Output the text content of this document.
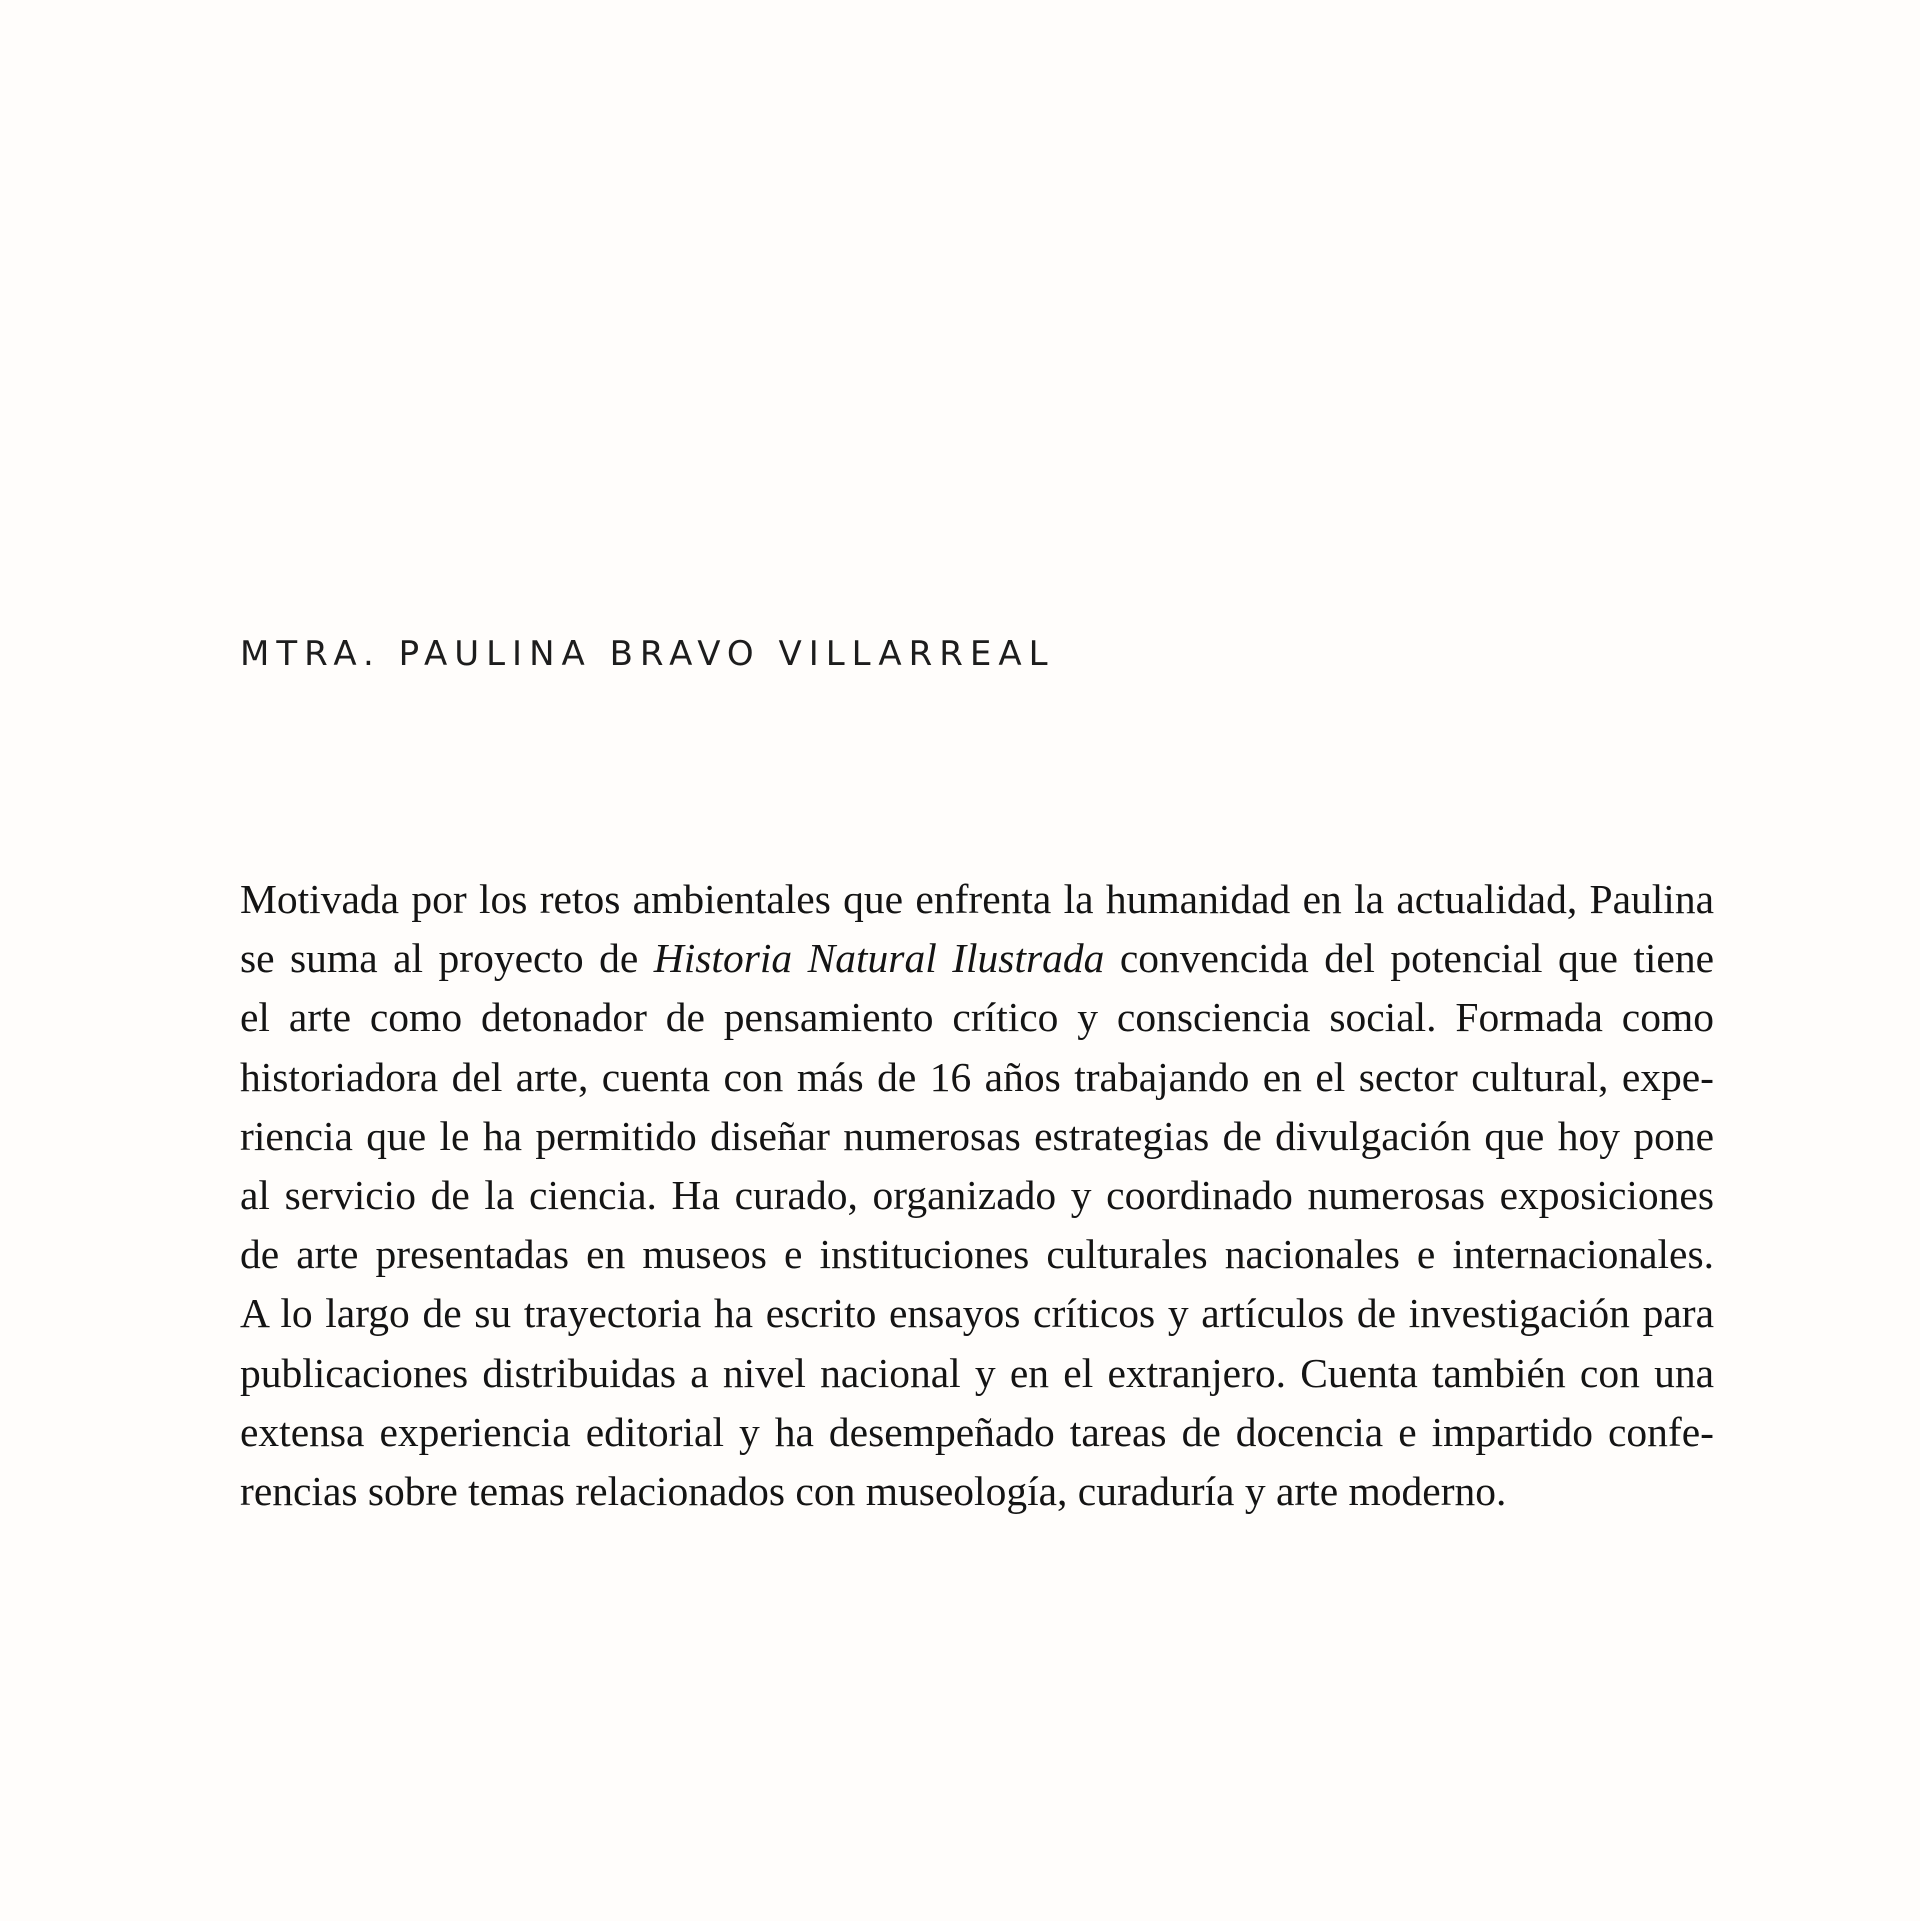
MTRA. PAULINA BRAVO VILLARREAL
Motivada por los retos ambientales que enfrenta la humanidad en la actualidad, Paulina
se suma al proyecto de Historia Natural Ilustrada convencida del potencial que tiene
el arte como detonador de pensamiento crítico y consciencia social. Formada como
historiadora del arte, cuenta con más de 16 años trabajando en el sector cultural, expe-
riencia que le ha permitido diseñar numerosas estrategias de divulgación que hoy pone
al servicio de la ciencia. Ha curado, organizado y coordinado numerosas exposiciones
de arte presentadas en museos e instituciones culturales nacionales e internacionales.
A lo largo de su trayectoria ha escrito ensayos críticos y artículos de investigación para
publicaciones distribuidas a nivel nacional y en el extranjero. Cuenta también con una
extensa experiencia editorial y ha desempeñado tareas de docencia e impartido confe-
rencias sobre temas relacionados con museología, curaduría y arte moderno.
